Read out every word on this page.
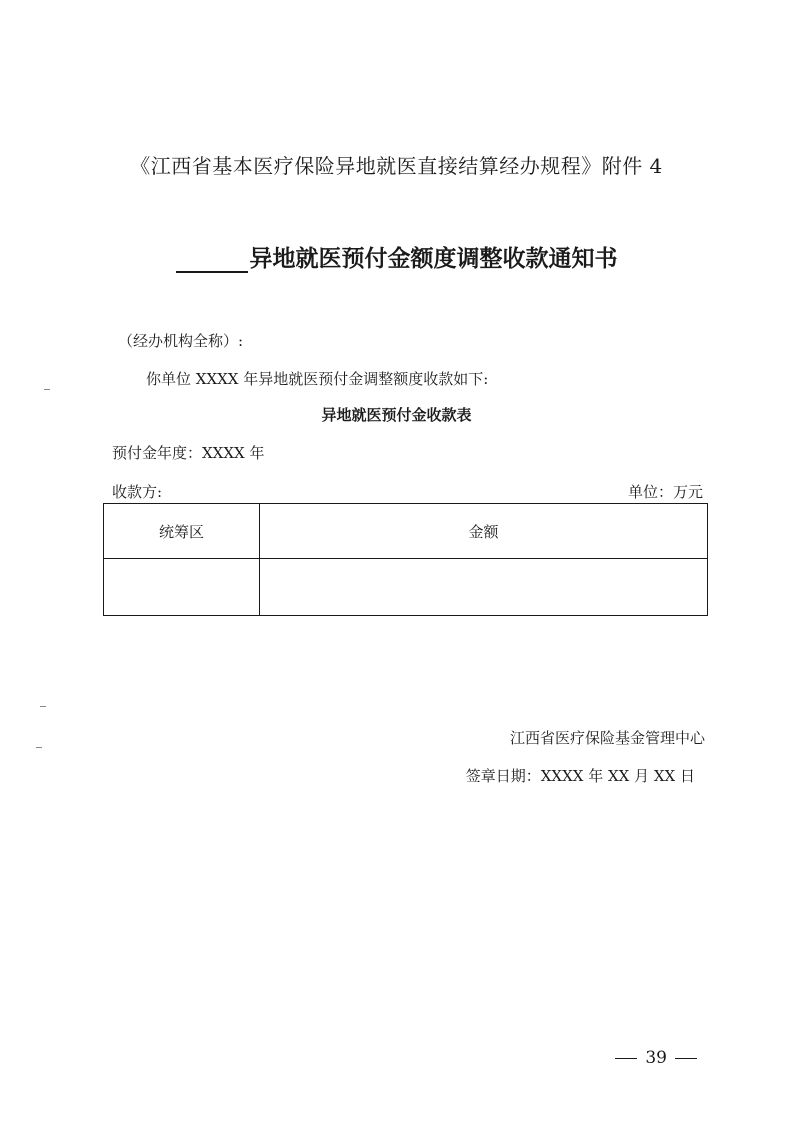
《江西省基本医疗保险异地就医直接结算经办规程》附件 4
异地就医预付金额度调整收款通知书
（经办机构全称）:
你单位 XXXX 年异地就医预付金调整额度收款如下:
异地就医预付金收款表
预付金年度：XXXX 年
收款方:	单位：万元
统筹区	金额

江西省医疗保险基金管理中心
签章日期：XXXX 年 XX 月 XX 日
39
